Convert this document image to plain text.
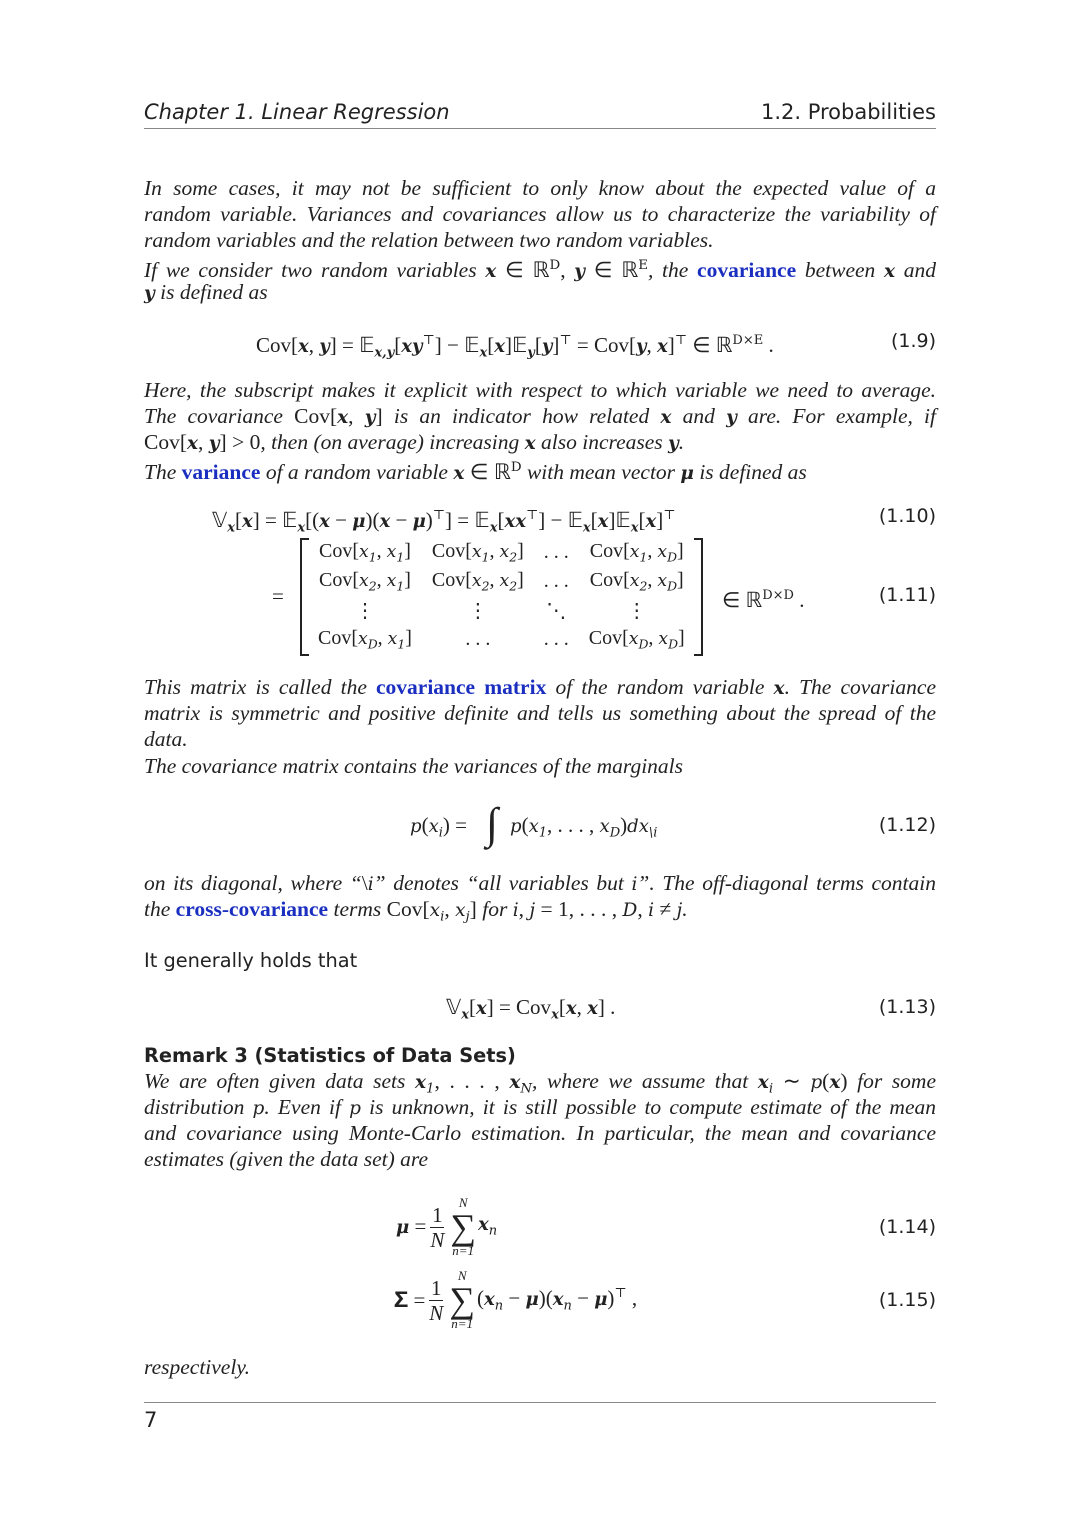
Chapter 1. Linear Regression	1.2. Probabilities
In some cases, it may not be sufficient to only know about the expected value of a
random variable. Variances and covariances allow us to characterize the variability of
random variables and the relation between two random variables.
If we consider two random variables x ∈ ℝ$^D$, y ∈ ℝ$^E$, the covariance between x and
y is defined as
Cov[x, y] = 𝔼$_{x,y}$[xy⊤] − 𝔼$_x$[x]𝔼$_y$[y]⊤ = Cov[y, x]⊤ ∈ ℝ$^{D\times E}$ .	(1.9)
Here, the subscript makes it explicit with respect to which variable we need to average.
The covariance Cov[x, y] is an indicator how related x and y are. For example, if
Cov[x, y] > 0, then (on average) increasing x also increases y.
The variance of a random variable x ∈ ℝ$^D$ with mean vector μ is defined as
𝕍$_x$[x] = 𝔼$_x$[(x − μ)(x − μ)⊤] = 𝔼$_x$[xx⊤] − 𝔼$_x$[x]𝔼$_x$[x]⊤	(1.10)
=
$Cov[x_1$, $x_1$]	$Cov[x_1$, $x_2$]	. . .	$Cov[x_1$, $x_D$]
$Cov[x_2$, $x_1$]	$Cov[x_2$, $x_2$]	. . .	$Cov[x_2$, $x_D$]
⋮	⋮	⋱	⋮
$Cov[x_D$, $x_1$]	. . .	. . .	$Cov[x_D$, $x_D$]
∈ ℝ$^{D\times D}$ .	(1.11)
This matrix is called the covariance matrix of the random variable x. The covariance
matrix is symmetric and positive definite and tells us something about the spread of the
data.
The covariance matrix contains the variances of the marginals
$p(x_i)$ = ∫ $p(x_1$, . . . , $x_D)dx_{\backslash i}$	(1.12)
on its diagonal, where “\i” denotes “all variables but i”. The off-diagonal terms contain
the cross-covariance terms $Cov[x_i$, $x_j$] for i, j = 1, . . . , D, i ≠ j.
It generally holds that
𝕍$_x$[x] = Cov$_x$[x, x] .	(1.13)
Remark 3 (Statistics of Data Sets)
We are often given data sets $x_1$, . . . , $x_N$, where we assume that $x_i$ ∼ p(x) for some
distribution p. Even if p is unknown, it is still possible to compute estimate of the mean
and covariance using Monte-Carlo estimation. In particular, the mean and covariance
estimates (given the data set) are
$\mu = \frac{1}{N}$	N
∑
n=1
$x_n$	(1.14)
𝚺 = $\frac{1}{N}$	N
∑
n=1
$(x_n - \mu)(x_n - \mu)^⊤$ ,	(1.15)
respectively.
7
